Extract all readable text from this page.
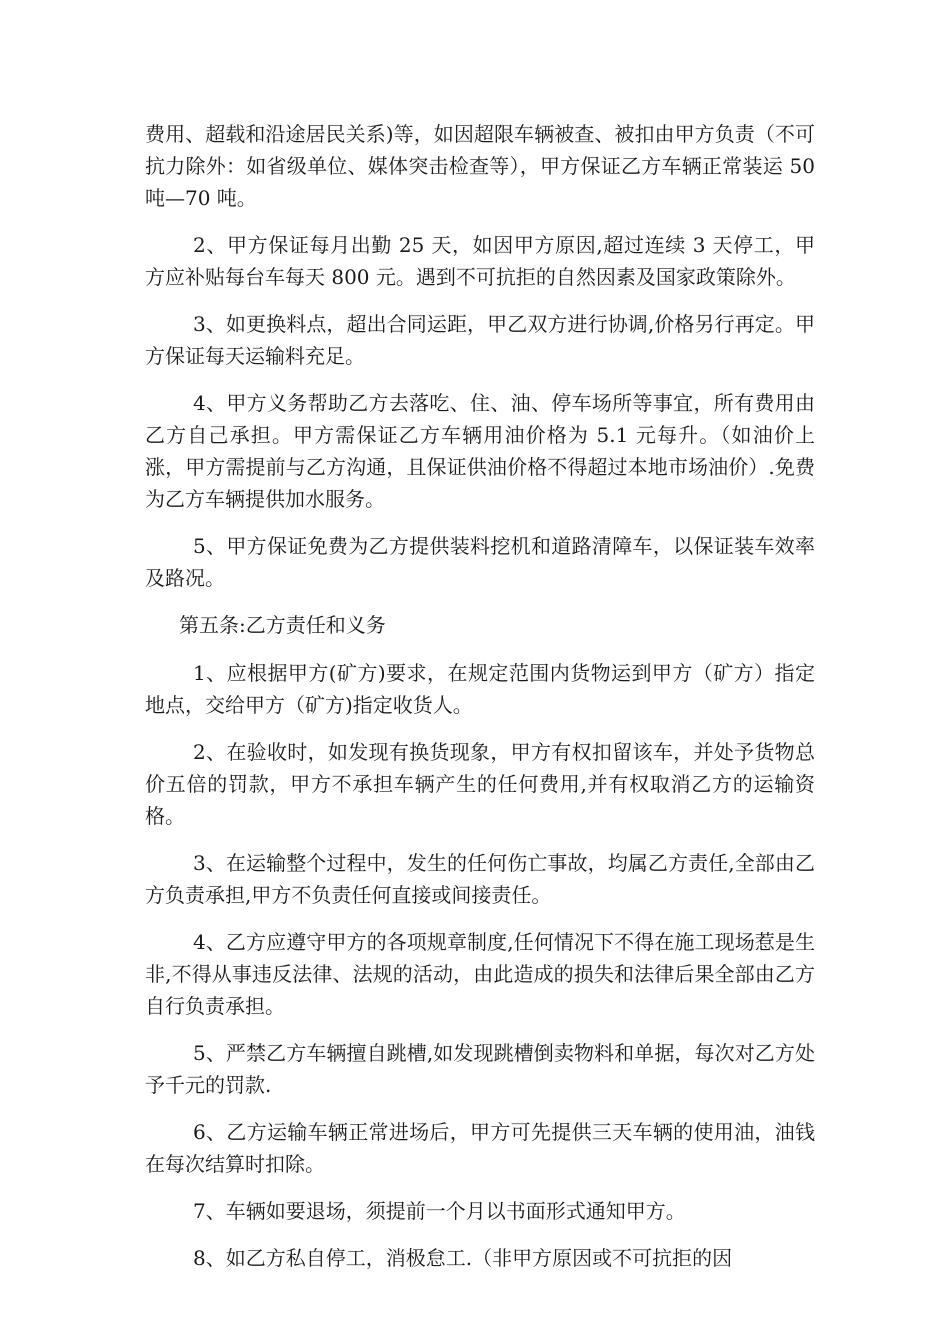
费用、超载和沿途居民关系)等，如因超限车辆被查、被扣由甲方负责（不可抗力除外：如省级单位、媒体突击检查等），甲方保证乙方车辆正常装运 50 吨—70 吨。

2、甲方保证每月出勤 25 天，如因甲方原因,超过连续 3 天停工，甲方应补贴每台车每天 800 元。遇到不可抗拒的自然因素及国家政策除外。

3、如更换料点，超出合同运距，甲乙双方进行协调,价格另行再定。甲方保证每天运输料充足。

4、甲方义务帮助乙方去落吃、住、油、停车场所等事宜，所有费用由乙方自己承担。甲方需保证乙方车辆用油价格为 5.1 元每升。（如油价上涨，甲方需提前与乙方沟通，且保证供油价格不得超过本地市场油价）.免费为乙方车辆提供加水服务。

5、甲方保证免费为乙方提供装料挖机和道路清障车，以保证装车效率及路况。

第五条:乙方责任和义务

1、应根据甲方(矿方)要求，在规定范围内货物运到甲方（矿方）指定地点，交给甲方（矿方)指定收货人。

2、在验收时，如发现有换货现象，甲方有权扣留该车，并处予货物总价五倍的罚款，甲方不承担车辆产生的任何费用,并有权取消乙方的运输资格。

3、在运输整个过程中，发生的任何伤亡事故，均属乙方责任,全部由乙方负责承担,甲方不负责任何直接或间接责任。

4、乙方应遵守甲方的各项规章制度,任何情况下不得在施工现场惹是生非,不得从事违反法律、法规的活动，由此造成的损失和法律后果全部由乙方自行负责承担。

5、严禁乙方车辆擅自跳槽,如发现跳槽倒卖物料和单据，每次对乙方处予千元的罚款.

6、乙方运输车辆正常进场后，甲方可先提供三天车辆的使用油，油钱在每次结算时扣除。

7、车辆如要退场，须提前一个月以书面形式通知甲方。

8、如乙方私自停工，消极怠工.（非甲方原因或不可抗拒的因
